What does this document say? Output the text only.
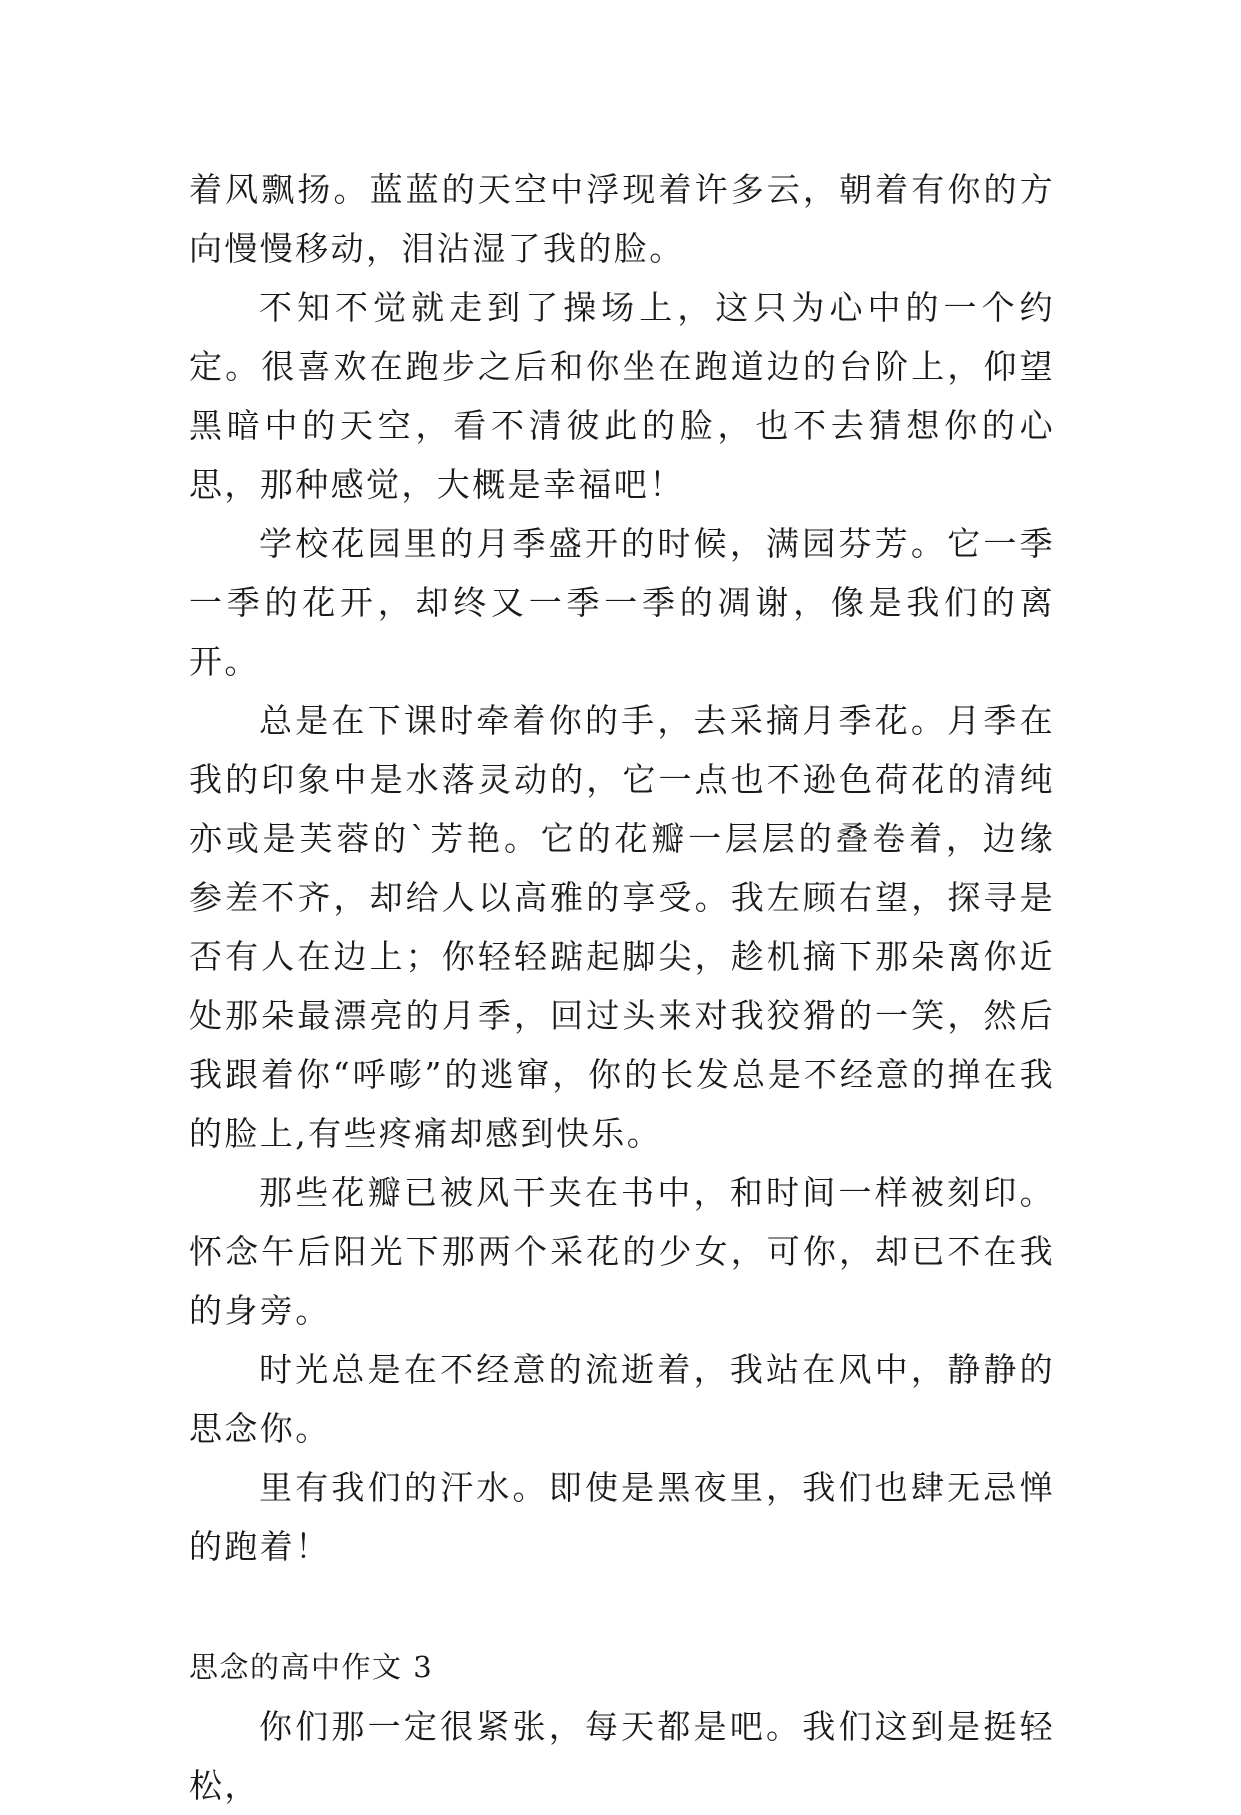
着风飘扬。蓝蓝的天空中浮现着许多云，朝着有你的方向慢慢移动，泪沾湿了我的脸。

不知不觉就走到了操场上，这只为心中的一个约定。很喜欢在跑步之后和你坐在跑道边的台阶上，仰望黑暗中的天空，看不清彼此的脸，也不去猜想你的心思，那种感觉，大概是幸福吧！

学校花园里的月季盛开的时候，满园芬芳。它一季一季的花开，却终又一季一季的凋谢，像是我们的离开。

总是在下课时牵着你的手，去采摘月季花。月季在我的印象中是水落灵动的，它一点也不逊色荷花的清纯亦或是芙蓉的`芳艳。它的花瓣一层层的叠卷着，边缘参差不齐，却给人以高雅的享受。我左顾右望，探寻是否有人在边上；你轻轻踮起脚尖，趁机摘下那朵离你近处那朵最漂亮的月季，回过头来对我狡猾的一笑，然后我跟着你“呼嘭”的逃窜，你的长发总是不经意的掸在我的脸上,有些疼痛却感到快乐。

那些花瓣已被风干夹在书中，和时间一样被刻印。怀念午后阳光下那两个采花的少女，可你，却已不在我的身旁。

时光总是在不经意的流逝着，我站在风中，静静的思念你。

里有我们的汗水。即使是黑夜里，我们也肆无忌惮的跑着！

思念的高中作文 3

你们那一定很紧张，每天都是吧。我们这到是挺轻松，
